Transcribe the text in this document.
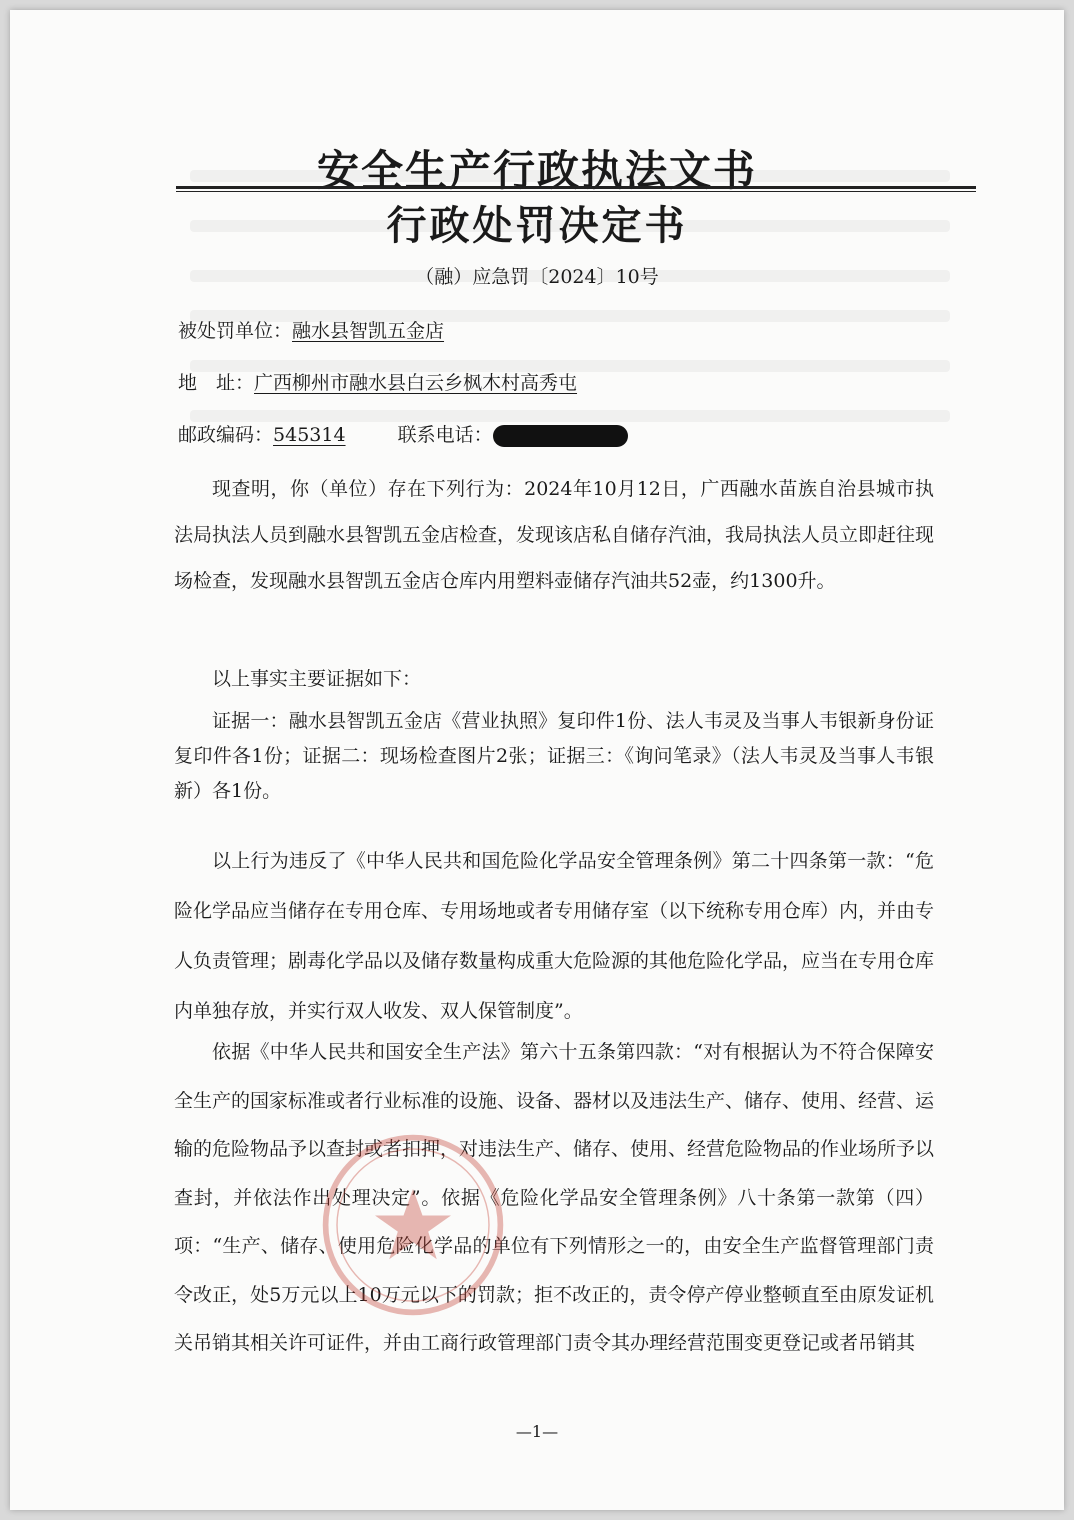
安全生产行政执法文书
行政处罚决定书
（融）应急罚〔2024〕10号
被处罚单位：融水县智凯五金店
地　址：广西柳州市融水县白云乡枫木村高秀屯
邮政编码：545314	联系电话：
现查明，你（单位）存在下列行为：2024年10月12日，广西融水苗族自治县城市执法局执法人员到融水县智凯五金店检查，发现该店私自储存汽油，我局执法人员立即赶往现场检查，发现融水县智凯五金店仓库内用塑料壶储存汽油共52壶，约1300升。
以上事实主要证据如下：
证据一：融水县智凯五金店《营业执照》复印件1份、法人韦灵及当事人韦银新身份证复印件各1份；证据二：现场检查图片2张；证据三：《询问笔录》（法人韦灵及当事人韦银新）各1份。
以上行为违反了《中华人民共和国危险化学品安全管理条例》第二十四条第一款：“危险化学品应当储存在专用仓库、专用场地或者专用储存室（以下统称专用仓库）内，并由专人负责管理；剧毒化学品以及储存数量构成重大危险源的其他危险化学品，应当在专用仓库内单独存放，并实行双人收发、双人保管制度”。
依据《中华人民共和国安全生产法》第六十五条第四款：“对有根据认为不符合保障安全生产的国家标准或者行业标准的设施、设备、器材以及违法生产、储存、使用、经营、运输的危险物品予以查封或者扣押，对违法生产、储存、使用、经营危险物品的作业场所予以查封，并依法作出处理决定”。依据《危险化学品安全管理条例》八十条第一款第（四）项：“生产、储存、使用危险化学品的单位有下列情形之一的，由安全生产监督管理部门责令改正，处5万元以上10万元以下的罚款；拒不改正的，责令停产停业整顿直至由原发证机关吊销其相关许可证件，并由工商行政管理部门责令其办理经营范围变更登记或者吊销其
—1—
